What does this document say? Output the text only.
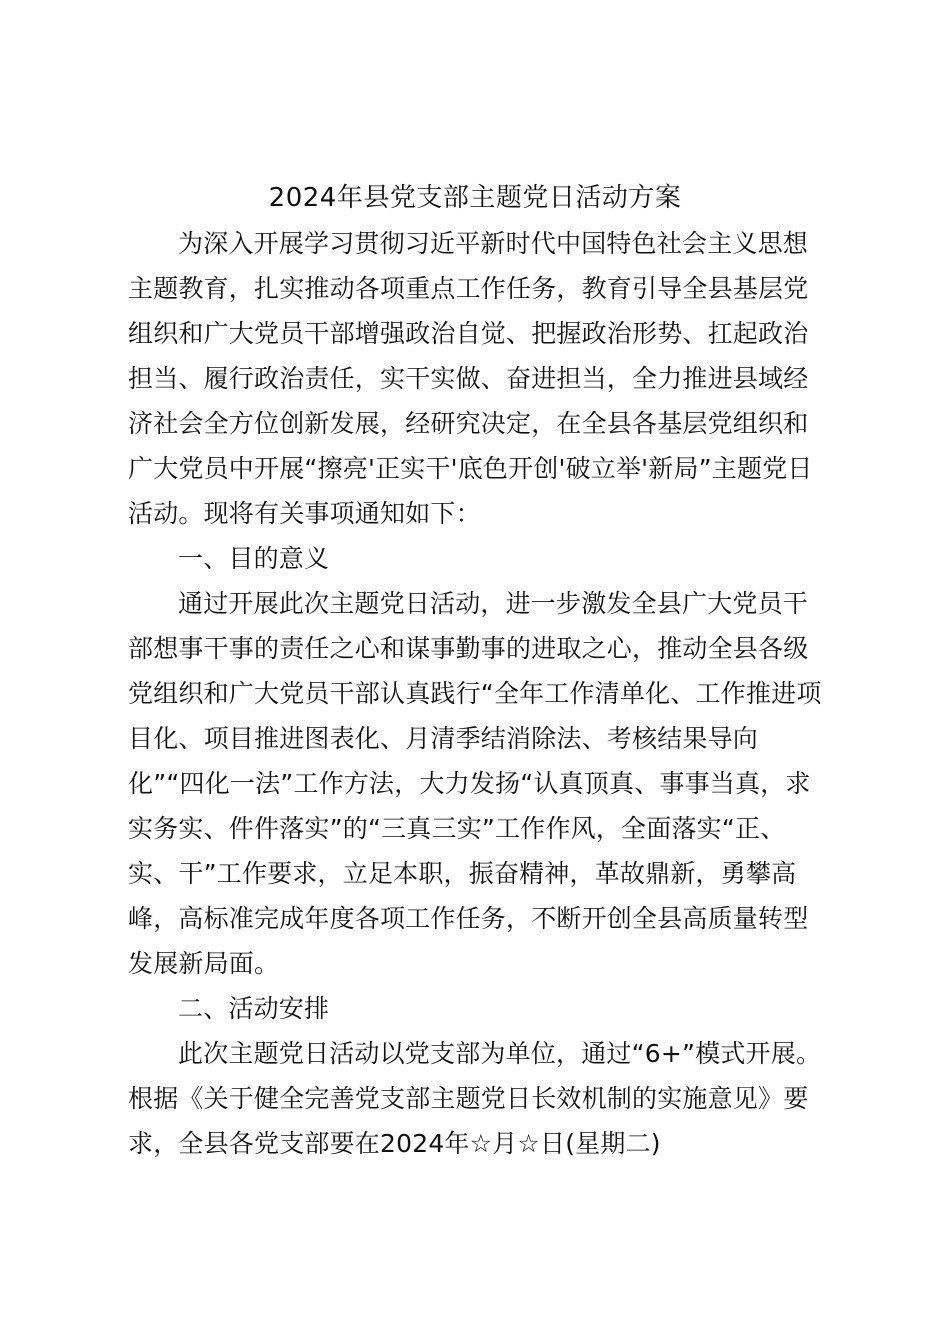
2024年县党支部主题党日活动方案
为深入开展学习贯彻习近平新时代中国特色社会主义思想
主题教育，扎实推动各项重点工作任务，教育引导全县基层党
组织和广大党员干部增强政治自觉、把握政治形势、扛起政治
担当、履行政治责任，实干实做、奋进担当，全力推进县域经
济社会全方位创新发展，经研究决定，在全县各基层党组织和
广大党员中开展“擦亮'正实干'底色开创'破立举'新局”主题党日
活动。现将有关事项通知如下：
一、目的意义
通过开展此次主题党日活动，进一步激发全县广大党员干
部想事干事的责任之心和谋事勤事的进取之心，推动全县各级
党组织和广大党员干部认真践行“全年工作清单化、工作推进项
目化、项目推进图表化、月清季结消除法、考核结果导向
化”“四化一法”工作方法，大力发扬“认真顶真、事事当真，求
实务实、件件落实”的“三真三实”工作作风，全面落实“正、
实、干”工作要求，立足本职，振奋精神，革故鼎新，勇攀高
峰，高标准完成年度各项工作任务，不断开创全县高质量转型
发展新局面。
二、活动安排
此次主题党日活动以党支部为单位，通过“6+”模式开展。
根据《关于健全完善党支部主题党日长效机制的实施意见》要
求，全县各党支部要在2024年☆月☆日(星期二)
